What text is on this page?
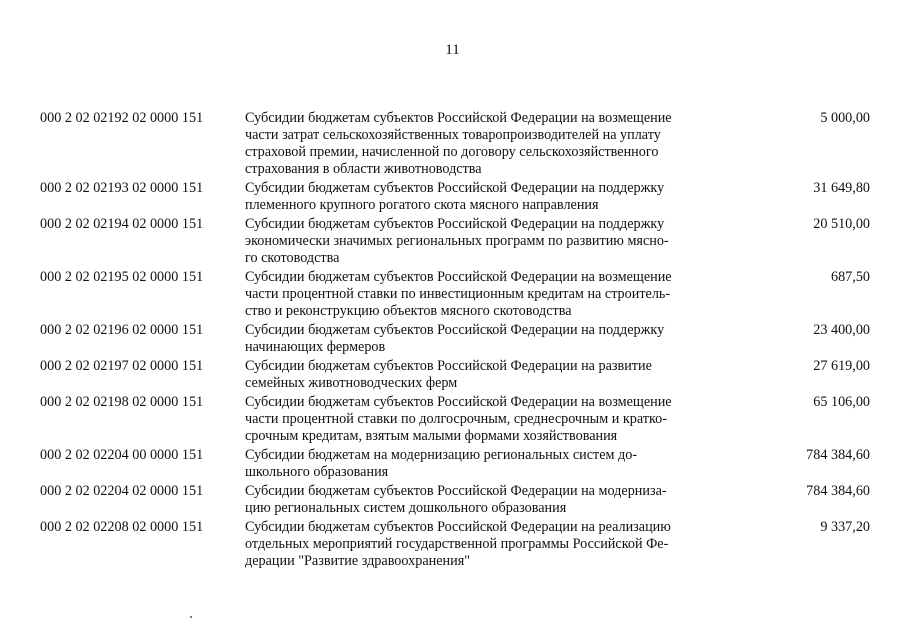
11
000 2 02 02192 02 0000 151	Субсидии бюджетам субъектов Российской Федерации на возмещение
части затрат сельскохозяйственных товаропроизводителей на уплату
страховой премии, начисленной по договору сельскохозяйственного
страхования в области животноводства
5 000,00
000 2 02 02193 02 0000 151	Субсидии бюджетам субъектов Российской Федерации на поддержку
племенного крупного рогатого скота мясного направления
31 649,80
000 2 02 02194 02 0000 151	Субсидии бюджетам субъектов Российской Федерации на поддержку
экономически значимых региональных программ по развитию мясно-
го скотоводства
20 510,00
000 2 02 02195 02 0000 151	Субсидии бюджетам субъектов Российской Федерации на возмещение
части процентной ставки по инвестиционным кредитам на строитель-
ство и реконструкцию объектов мясного скотоводства
687,50
000 2 02 02196 02 0000 151	Субсидии бюджетам субъектов Российской Федерации на поддержку
начинающих фермеров
23 400,00
000 2 02 02197 02 0000 151	Субсидии бюджетам субъектов Российской Федерации на развитие
семейных животноводческих ферм
27 619,00
000 2 02 02198 02 0000 151	Субсидии бюджетам субъектов Российской Федерации на возмещение
части процентной ставки по долгосрочным, среднесрочным и кратко-
срочным кредитам, взятым малыми формами хозяйствования
65 106,00
000 2 02 02204 00 0000 151	Субсидии бюджетам на модернизацию региональных систем до-
школьного образования
784 384,60
000 2 02 02204 02 0000 151	Субсидии бюджетам субъектов Российской Федерации на модерниза-
цию региональных систем дошкольного образования
784 384,60
000 2 02 02208 02 0000 151	Субсидии бюджетам субъектов Российской Федерации на реализацию
отдельных мероприятий государственной программы Российской Фе-
дерации "Развитие здравоохранения"
9 337,20
